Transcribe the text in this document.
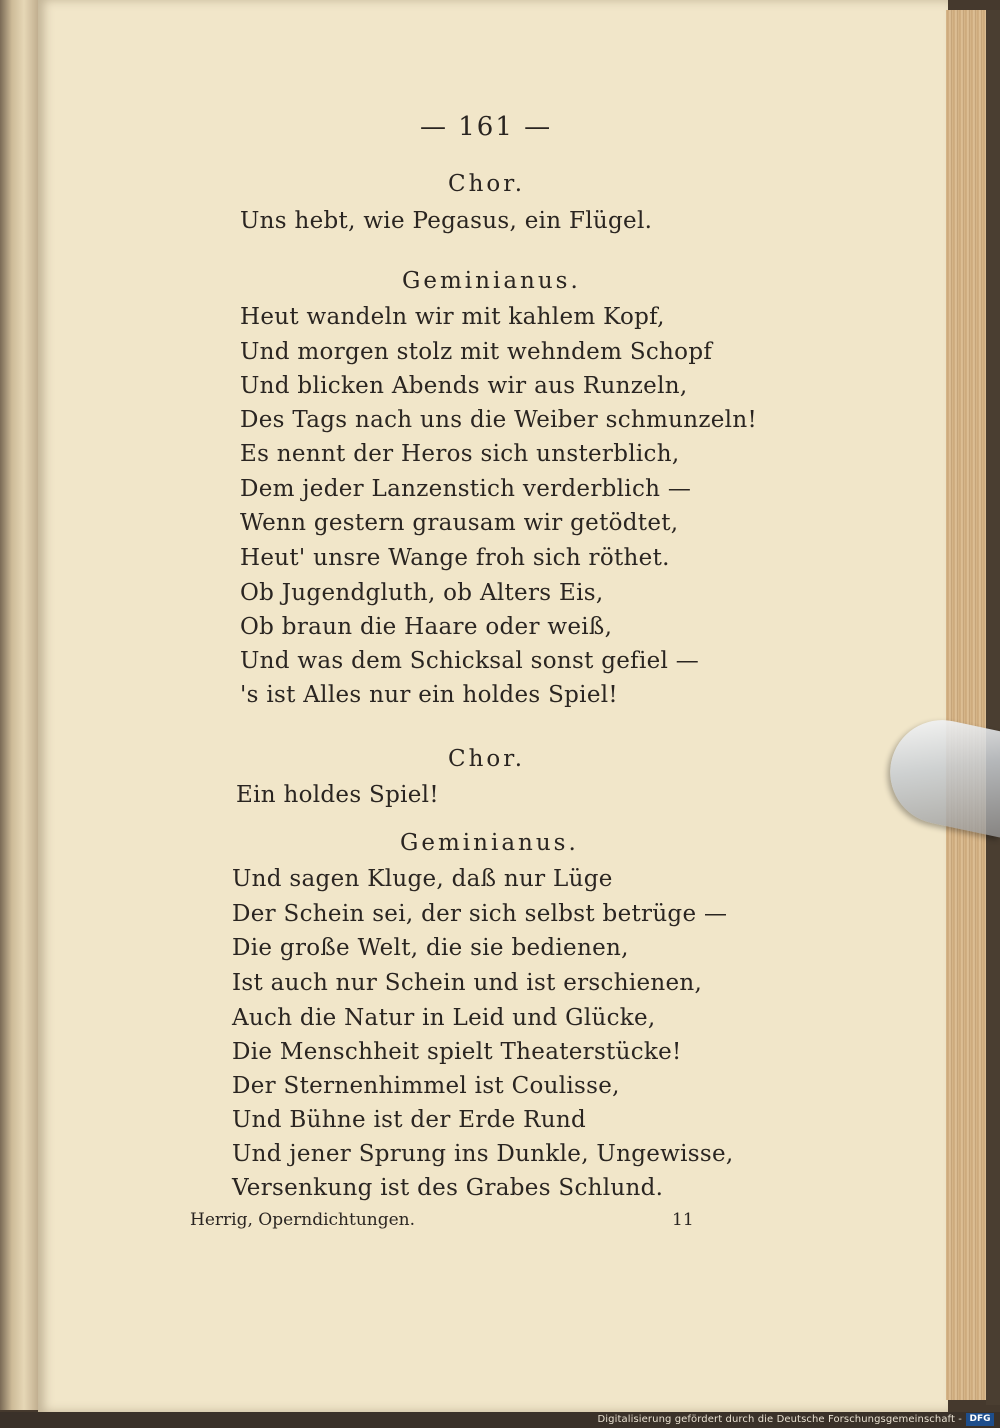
— 161 —
Chor.
Uns hebt, wie Pegasus, ein Flügel.
Geminianus.
Heut wandeln wir mit kahlem Kopf,
Und morgen stolz mit wehndem Schopf
Und blicken Abends wir aus Runzeln,
Des Tags nach uns die Weiber schmunzeln!
Es nennt der Heros sich unsterblich,
Dem jeder Lanzenstich verderblich —
Wenn gestern grausam wir getödtet,
Heut' unsre Wange froh sich röthet.
Ob Jugendgluth, ob Alters Eis,
Ob braun die Haare oder weiß,
Und was dem Schicksal sonst gefiel —
's ist Alles nur ein holdes Spiel!
Chor.
Ein holdes Spiel!
Geminianus.
Und sagen Kluge, daß nur Lüge
Der Schein sei, der sich selbst betrüge —
Die große Welt, die sie bedienen,
Ist auch nur Schein und ist erschienen,
Auch die Natur in Leid und Glücke,
Die Menschheit spielt Theaterstücke!
Der Sternenhimmel ist Coulisse,
Und Bühne ist der Erde Rund
Und jener Sprung ins Dunkle, Ungewisse,
Versenkung ist des Grabes Schlund.
Herrig, Operndichtungen.	11
Digitalisierung gefördert durch die Deutsche Forschungsgemeinschaft - DFG
